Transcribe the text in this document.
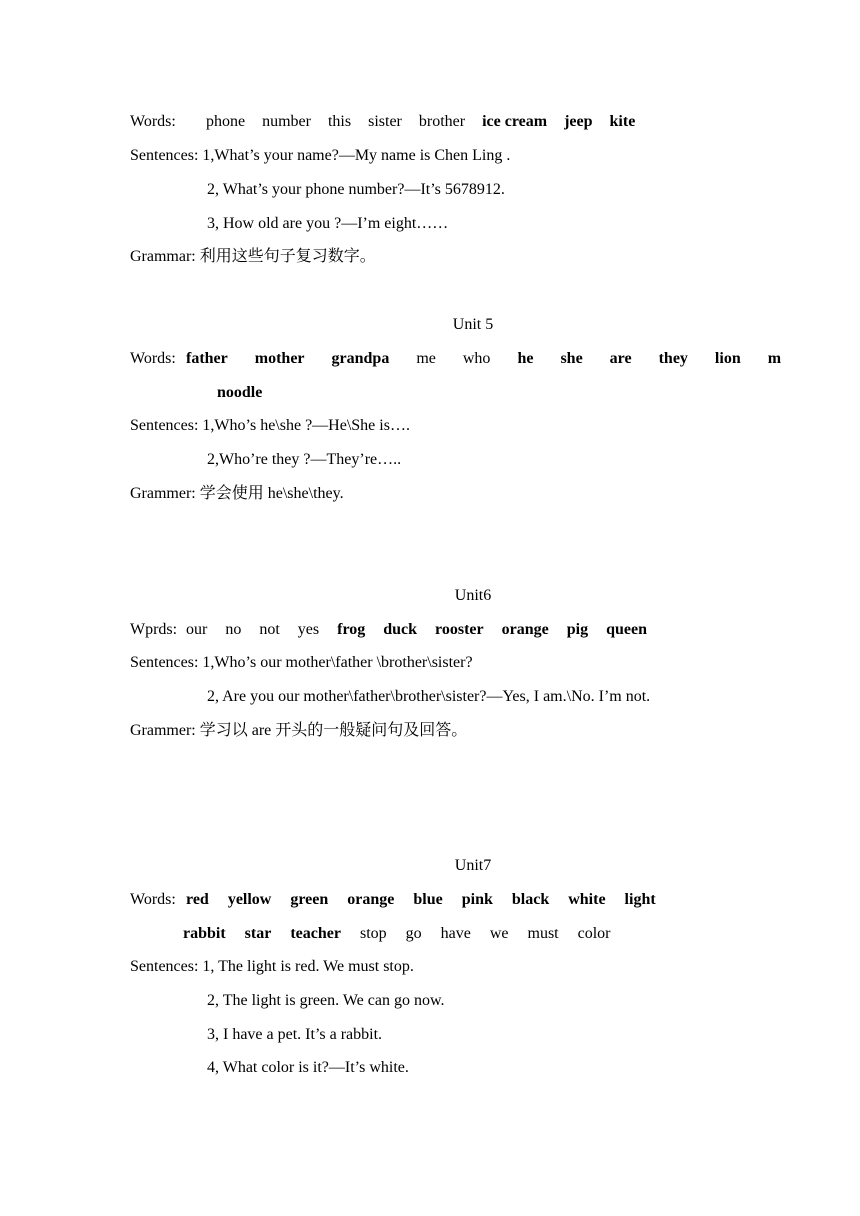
Words: phone number this sister brother ice cream jeep kite
Sentences: 1,What’s your name?—My name is Chen Ling .
2, What’s your phone number?—It’s 5678912.
3, How old are you ?—I’m eight……
Grammar: 利用这些句子复习数字。
Unit 5
Words: father mother grandpa me who he she are they lion m
noodle
Sentences: 1,Who’s he\she ?—He\She is….
2,Who’re they ?—They’re…..
Grammer: 学会使用 he\she\they.
Unit6
Wprds: our no not yes frog duck rooster orange pig queen
Sentences: 1,Who’s our mother\father \brother\sister?
2, Are you our mother\father\brother\sister?—Yes, I am.\No. I’m not.
Grammer: 学习以 are 开头的一般疑问句及回答。
Unit7
Words: red yellow green orange blue pink black white light
rabbit star teacher stop go have we must color
Sentences: 1, The light is red. We must stop.
2, The light is green. We can go now.
3, I have a pet. It’s a rabbit.
4, What color is it?—It’s white.
